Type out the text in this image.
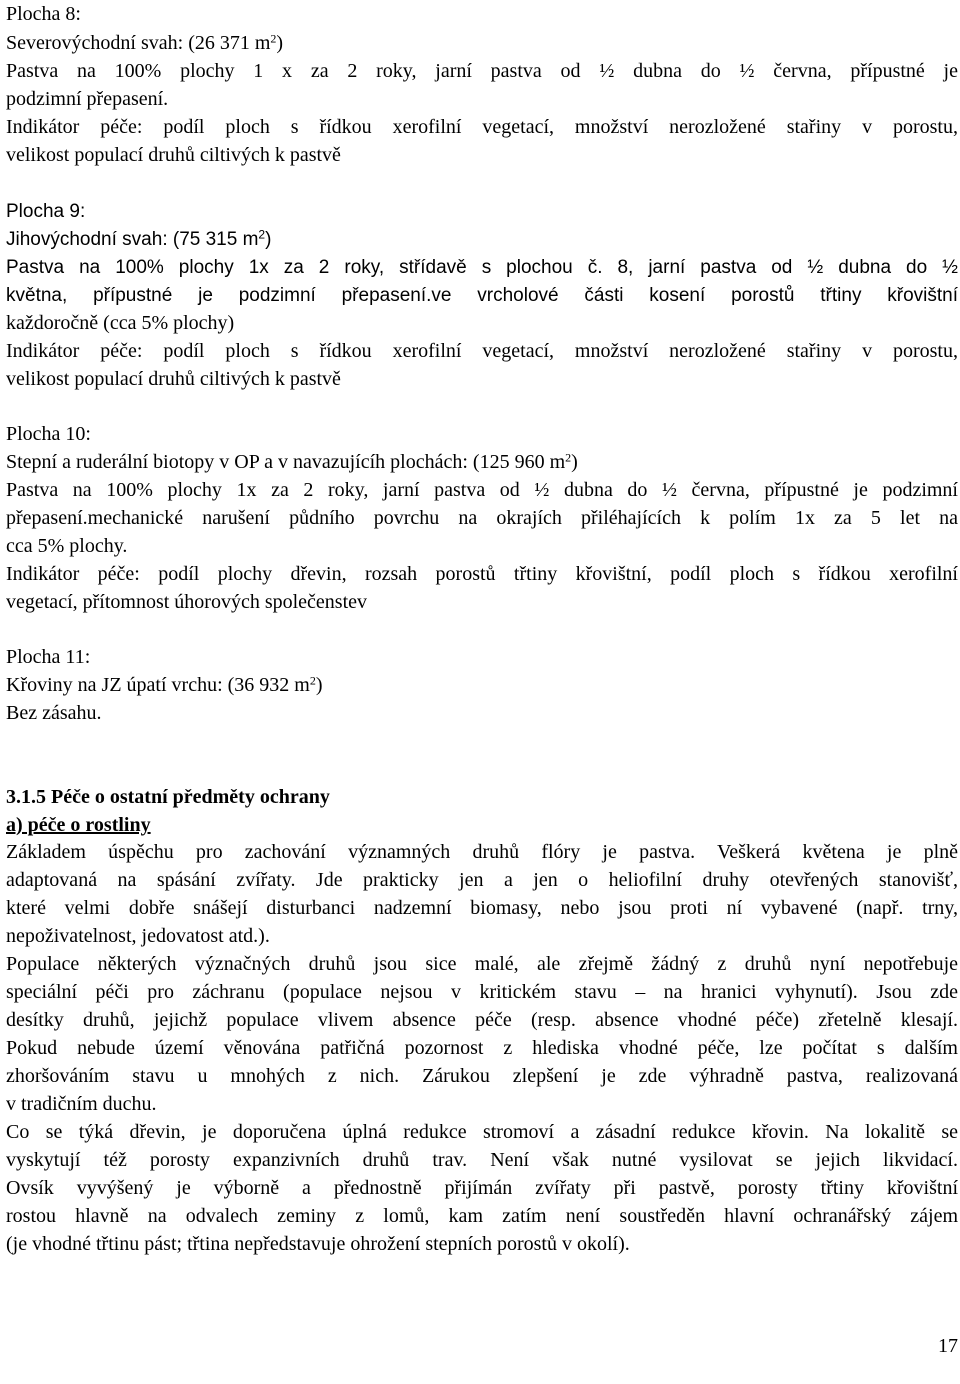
Plocha 8:
Severovýchodní svah: (26 371 $m^2$)
Pastva na 100% plochy 1 x za 2 roky, jarní pastva od ½ dubna do ½ června, přípustné je
podzimní přepasení.
Indikátor péče: podíl ploch s řídkou xerofilní vegetací, množství nerozložené stařiny v porostu,
velikost populací druhů ciltivých k pastvě
Plocha 9:
Jihovýchodní svah: (75 315 $m^2$)
Pastva na 100% plochy 1x za 2 roky, střídavě s plochou č. 8, jarní pastva od ½ dubna do ½
května, přípustné je podzimní přepasení.ve vrcholové části kosení porostů třtiny křovištní
každoročně (cca 5% plochy)
Indikátor péče: podíl ploch s řídkou xerofilní vegetací, množství nerozložené stařiny v porostu,
velikost populací druhů ciltivých k pastvě
Plocha 10:
Stepní a ruderální biotopy v OP a v navazujícíh plochách: (125 960 $m^2$)
Pastva na 100% plochy 1x za 2 roky, jarní pastva od ½ dubna do ½ června, přípustné je podzimní
přepasení.mechanické narušení půdního povrchu na okrajích přiléhajících k polím 1x za 5 let na
cca 5% plochy.
Indikátor péče: podíl plochy dřevin, rozsah porostů třtiny křovištní, podíl ploch s řídkou xerofilní
vegetací, přítomnost úhorových společenstev
Plocha 11:
Křoviny na JZ úpatí vrchu: (36 932 $m^2$)
Bez zásahu.
3.1.5 Péče o ostatní předměty ochrany
a) péče o rostliny
Základem úspěchu pro zachování významných druhů flóry je pastva. Veškerá květena je plně
adaptovaná na spásání zvířaty. Jde prakticky jen a jen o heliofilní druhy otevřených stanovišť,
které velmi dobře snášejí disturbanci nadzemní biomasy, nebo jsou proti ní vybavené (např. trny,
nepoživatelnost, jedovatost atd.).
Populace některých význačných druhů jsou sice malé, ale zřejmě žádný z druhů nyní nepotřebuje
speciální péči pro záchranu (populace nejsou v kritickém stavu – na hranici vyhynutí). Jsou zde
desítky druhů, jejichž populace vlivem absence péče (resp. absence vhodné péče) zřetelně klesají.
Pokud nebude území věnována patřičná pozornost z hlediska vhodné péče, lze počítat s dalším
zhoršováním stavu u mnohých z nich. Zárukou zlepšení je zde výhradně pastva, realizovaná
v tradičním duchu.
Co se týká dřevin, je doporučena úplná redukce stromoví a zásadní redukce křovin. Na lokalitě se
vyskytují též porosty expanzivních druhů trav. Není však nutné vysilovat se jejich likvidací.
Ovsík vyvýšený je výborně a přednostně přijímán zvířaty při pastvě, porosty třtiny křovištní
rostou hlavně na odvalech zeminy z lomů, kam zatím není soustředěn hlavní ochranářský zájem
(je vhodné třtinu pást; třtina nepředstavuje ohrožení stepních porostů v okolí).
17
